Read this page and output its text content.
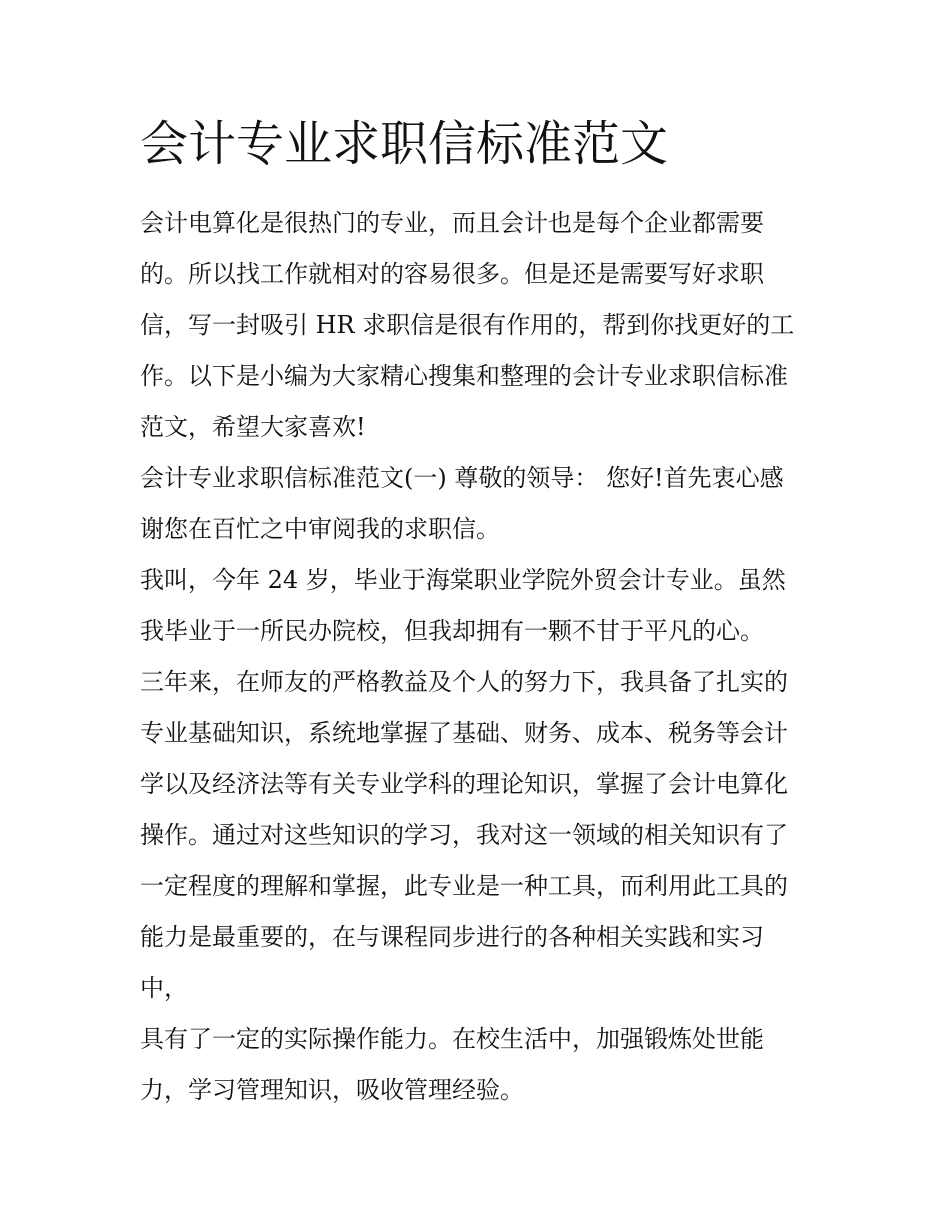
会计专业求职信标准范文

会计电算化是很热门的专业，而且会计也是每个企业都需要
的。所以找工作就相对的容易很多。但是还是需要写好求职
信，写一封吸引 HR 求职信是很有作用的，帮到你找更好的工
作。以下是小编为大家精心搜集和整理的会计专业求职信标准
范文，希望大家喜欢!

会计专业求职信标准范文(一) 尊敬的领导： 您好!首先衷心感
谢您在百忙之中审阅我的求职信。

我叫，今年 24 岁，毕业于海棠职业学院外贸会计专业。虽然
我毕业于一所民办院校，但我却拥有一颗不甘于平凡的心。

三年来，在师友的严格教益及个人的努力下，我具备了扎实的
专业基础知识，系统地掌握了基础、财务、成本、税务等会计
学以及经济法等有关专业学科的理论知识，掌握了会计电算化
操作。通过对这些知识的学习，我对这一领域的相关知识有了
一定程度的理解和掌握，此专业是一种工具，而利用此工具的
能力是最重要的，在与课程同步进行的各种相关实践和实习
中，

具有了一定的实际操作能力。在校生活中，加强锻炼处世能
力，学习管理知识，吸收管理经验。
